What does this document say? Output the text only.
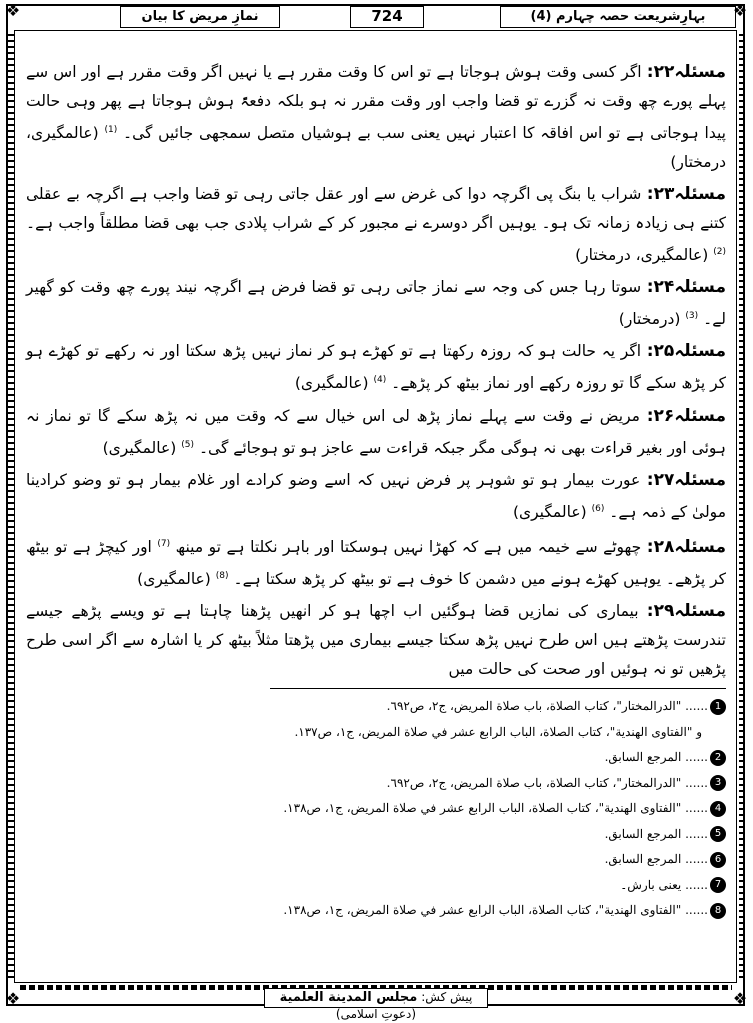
❖	❖
❖	❖
بہارِشریعت حصہ چہارم (4)
724
نمازِ مریض کا بیان

مسئلہ۲۲: اگر کسی وقت ہوش ہوجاتا ہے تو اس کا وقت مقرر ہے یا نہیں اگر وقت مقرر ہے اور اس سے پہلے پورے چھ وقت نہ گزرے تو قضا واجب اور وقت مقرر نہ ہو بلکہ دفعۃً ہوش ہوجاتا ہے پھر وہی حالت پیدا ہوجاتی ہے تو اس افاقہ کا اعتبار نہیں یعنی سب بے ہوشیاں متصل سمجھی جائیں گی۔ $^{(1)}$ (عالمگیری، درمختار)

مسئلہ۲۳: شراب یا بنگ پی اگرچہ دوا کی غرض سے اور عقل جاتی رہی تو قضا واجب ہے اگرچہ بے عقلی کتنے ہی زیادہ زمانہ تک ہو۔ یوہیں اگر دوسرے نے مجبور کر کے شراب پلادی جب بھی قضا مطلقاً واجب ہے۔ $^{(2)}$ (عالمگیری، درمختار)

مسئلہ۲۴: سوتا رہا جس کی وجہ سے نماز جاتی رہی تو قضا فرض ہے اگرچہ نیند پورے چھ وقت کو گھیر لے۔ $^{(3)}$ (درمختار)

مسئلہ۲۵: اگر یہ حالت ہو کہ روزہ رکھتا ہے تو کھڑے ہو کر نماز نہیں پڑھ سکتا اور نہ رکھے تو کھڑے ہو کر پڑھ سکے گا تو روزہ رکھے اور نماز بیٹھ کر پڑھے۔ $^{(4)}$ (عالمگیری)

مسئلہ۲۶: مریض نے وقت سے پہلے نماز پڑھ لی اس خیال سے کہ وقت میں نہ پڑھ سکے گا تو نماز نہ ہوئی اور بغیر قراءت بھی نہ ہوگی مگر جبکہ قراءت سے عاجز ہو تو ہوجائے گی۔ $^{(5)}$ (عالمگیری)

مسئلہ۲۷: عورت بیمار ہو تو شوہر پر فرض نہیں کہ اسے وضو کرادے اور غلام بیمار ہو تو وضو کرادینا مولیٰ کے ذمہ ہے۔ $^{(6)}$ (عالمگیری)

مسئلہ۲۸: چھوٹے سے خیمہ میں ہے کہ کھڑا نہیں ہوسکتا اور باہر نکلتا ہے تو مینھ $^{(7)}$ اور کیچڑ ہے تو بیٹھ کر پڑھے۔ یوہیں کھڑے ہونے میں دشمن کا خوف ہے تو بیٹھ کر پڑھ سکتا ہے۔ $^{(8)}$ (عالمگیری)

مسئلہ۲۹: بیماری کی نمازیں قضا ہوگئیں اب اچھا ہو کر انھیں پڑھنا چاہتا ہے تو ویسے پڑھے جیسے تندرست پڑھتے ہیں اس طرح نہیں پڑھ سکتا جیسے بیماری میں پڑھتا مثلاً بیٹھ کر یا اشارہ سے اگر اسی طرح پڑھیں تو نہ ہوئیں اور صحت کی حالت میں

1...... "الدرالمختار"، كتاب الصلاة، باب صلاة المريض، ج٢، ص٦٩٢.
و "الفتاوى الهندية"، كتاب الصلاة، الباب الرابع عشر في صلاة المريض، ج١، ص١٣٧.
2...... المرجع السابق.
3...... "الدرالمختار"، كتاب الصلاة، باب صلاة المريض، ج٢، ص٦٩٢.
4...... "الفتاوى الهندية"، كتاب الصلاة، الباب الرابع عشر في صلاة المريض، ج١، ص١٣٨.
5...... المرجع السابق.
6...... المرجع السابق.
7...... یعنی بارش۔
8...... "الفتاوى الهندية"، كتاب الصلاة، الباب الرابع عشر في صلاة المريض، ج١، ص١٣٨.
پیش کش: مجلس المدينة العلمية (دعوتِ اسلامی)
